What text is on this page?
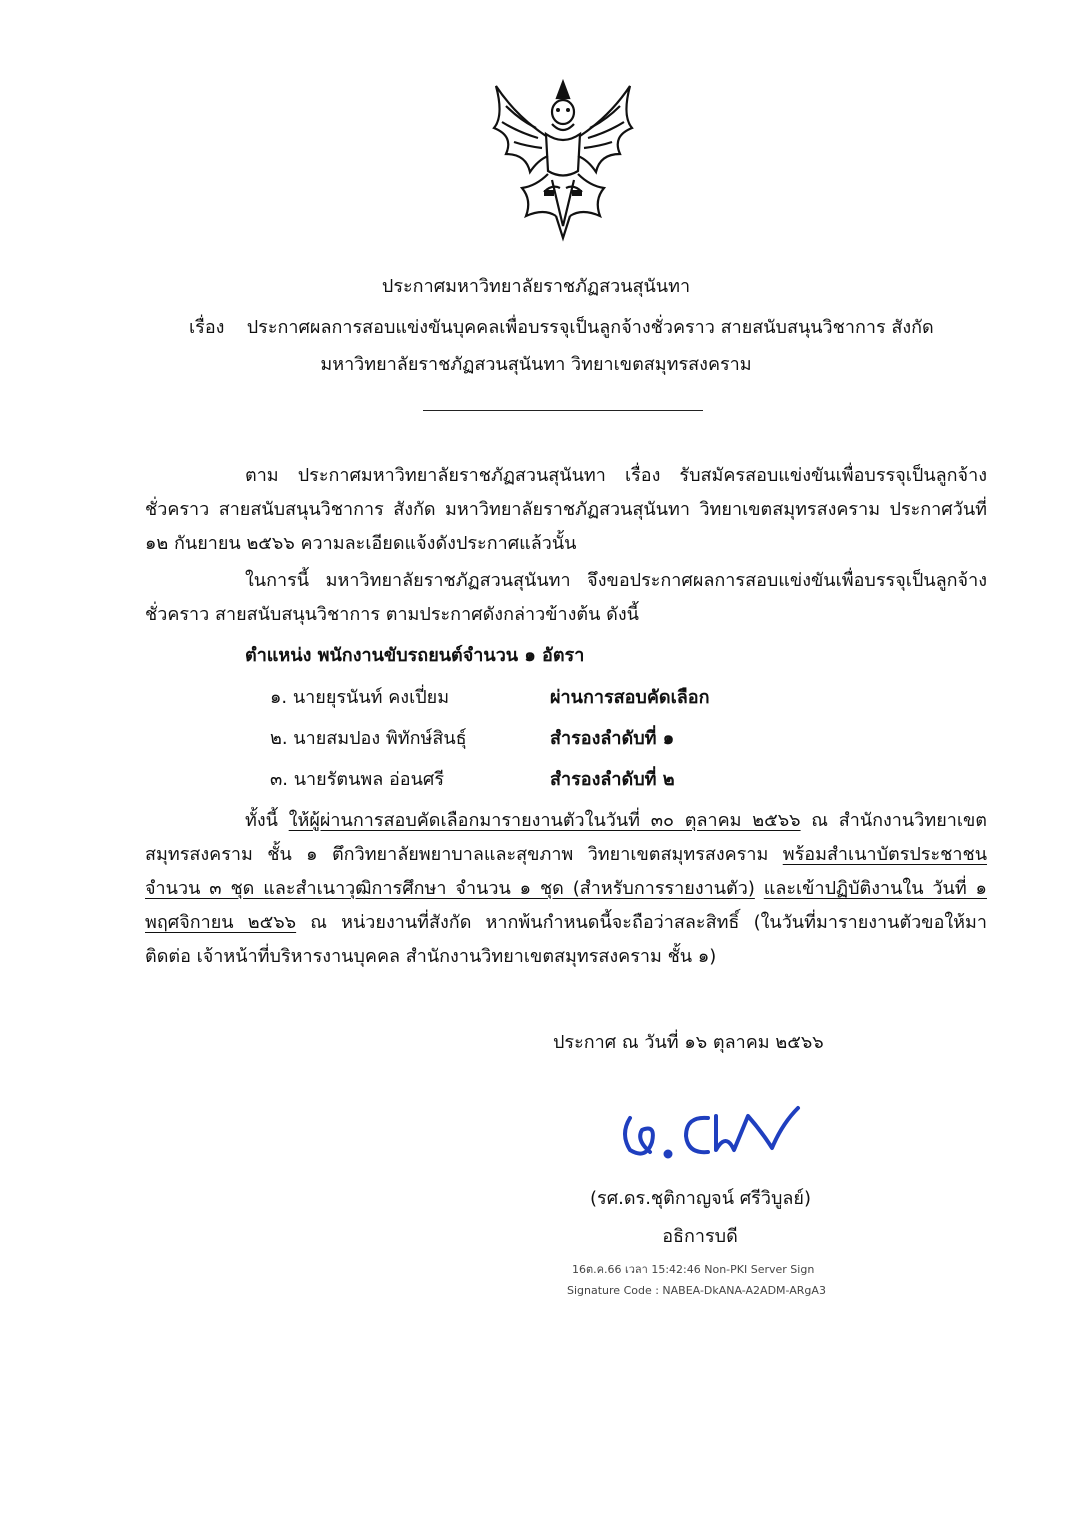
ประกาศมหาวิทยาลัยราชภัฏสวนสุนันทา
เรื่อง ประกาศผลการสอบแข่งขันบุคคลเพื่อบรรจุเป็นลูกจ้างชั่วคราว สายสนับสนุนวิชาการ สังกัด
มหาวิทยาลัยราชภัฏสวนสุนันทา วิทยาเขตสมุทรสงคราม
ตาม ประกาศมหาวิทยาลัยราชภัฏสวนสุนันทา เรื่อง รับสมัครสอบแข่งขันเพื่อบรรจุเป็นลูกจ้าง
ชั่วคราว สายสนับสนุนวิชาการ สังกัด มหาวิทยาลัยราชภัฏสวนสุนันทา วิทยาเขตสมุทรสงคราม ประกาศวันที่
๑๒ กันยายน ๒๕๖๖ ความละเอียดแจ้งดังประกาศแล้วนั้น
ในการนี้ มหาวิทยาลัยราชภัฏสวนสุนันทา จึงขอประกาศผลการสอบแข่งขันเพื่อบรรจุเป็นลูกจ้าง
ชั่วคราว สายสนับสนุนวิชาการ ตามประกาศดังกล่าวข้างต้น ดังนี้
ตำแหน่ง พนักงานขับรถยนต์จำนวน ๑ อัตรา
๑. นายยุรนันท์ คงเปี่ยม	ผ่านการสอบคัดเลือก
๒. นายสมปอง พิทักษ์สินธุ์	สำรองลำดับที่ ๑
๓. นายรัตนพล อ่อนศรี	สำรองลำดับที่ ๒
ทั้งนี้ ให้ผู้ผ่านการสอบคัดเลือกมารายงานตัวในวันที่ ๓๐ ตุลาคม ๒๕๖๖ ณ สำนักงานวิทยาเขต
สมุทรสงคราม ชั้น ๑ ตึกวิทยาลัยพยาบาลและสุขภาพ วิทยาเขตสมุทรสงคราม พร้อมสำเนาบัตรประชาชน
จำนวน ๓ ชุด และสำเนาวุฒิการศึกษา จำนวน ๑ ชุด (สำหรับการรายงานตัว) และเข้าปฏิบัติงานใน วันที่ ๑
พฤศจิกายน ๒๕๖๖ ณ หน่วยงานที่สังกัด หากพ้นกำหนดนี้จะถือว่าสละสิทธิ์ (ในวันที่มารายงานตัวขอให้มา
ติดต่อ เจ้าหน้าที่บริหารงานบุคคล สำนักงานวิทยาเขตสมุทรสงคราม ชั้น ๑)
ประกาศ ณ วันที่ ๑๖ ตุลาคม ๒๕๖๖
(รศ.ดร.ชุติกาญจน์ ศรีวิบูลย์)
อธิการบดี
16ต.ค.66 เวลา 15:42:46 Non-PKI Server Sign
Signature Code : NABEA-DkANA-A2ADM-ARgA3
